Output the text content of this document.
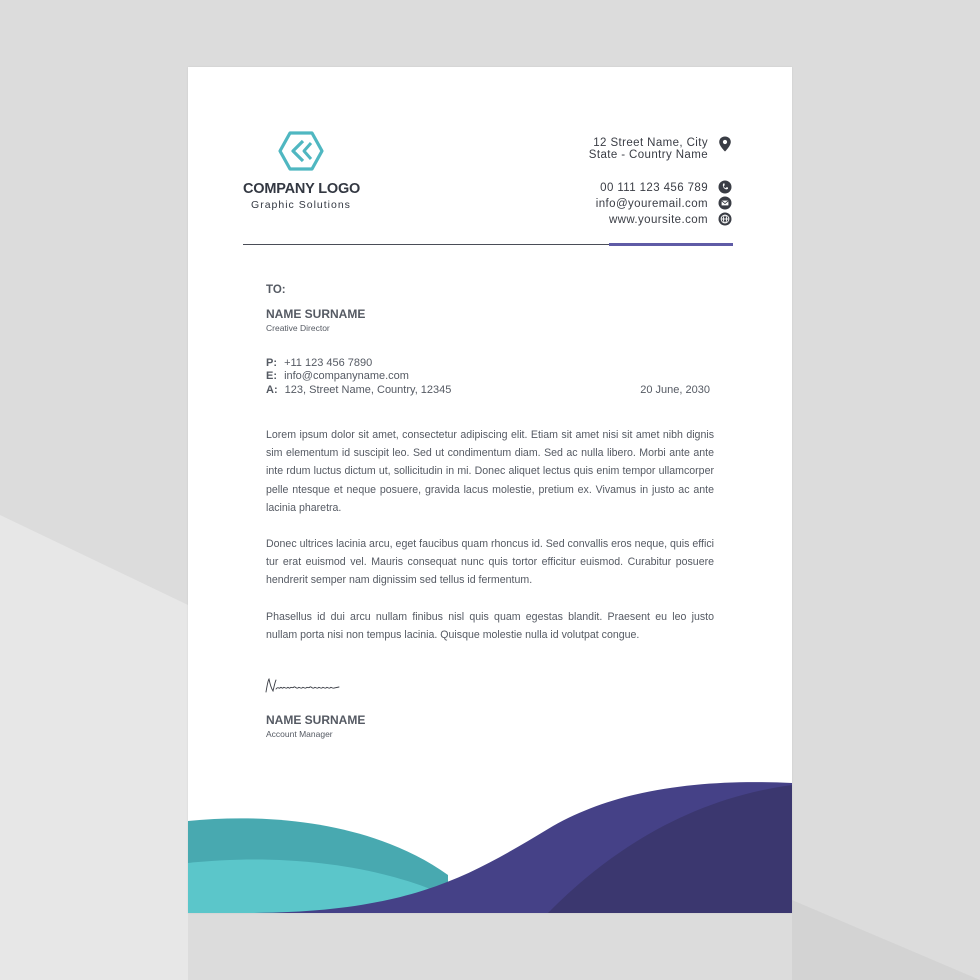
COMPANY LOGO
Graphic Solutions
12 Street Name, City
State - Country Name
00 111 123 456 789
info@youremail.com
www.yoursite.com
TO:
NAME SURNAME
Creative Director
P: +11 123 456 7890
E: info@companyname.com
A: 123, Street Name, Country, 12345	20 June, 2030
Lorem ipsum dolor sit amet, consectetur adipiscing elit. Etiam sit amet nisi sit amet nibh dignis sim elementum id suscipit leo. Sed ut condimentum diam. Sed ac nulla libero. Morbi ante ante inte rdum luctus dictum ut, sollicitudin in mi. Donec aliquet lectus quis enim tempor ullamcorper pelle ntesque et neque posuere, gravida lacus molestie, pretium ex. Vivamus in justo ac ante lacinia pharetra.
Donec ultrices lacinia arcu, eget faucibus quam rhoncus id. Sed convallis eros neque, quis effici tur erat euismod vel. Mauris consequat nunc quis tortor efficitur euismod. Curabitur posuere hendrerit semper nam dignissim sed tellus id fermentum.
Phasellus id dui arcu nullam finibus nisl quis quam egestas blandit. Praesent eu leo justo nullam porta nisi non tempus lacinia. Quisque molestie nulla id volutpat congue.
NAME SURNAME
Account Manager
